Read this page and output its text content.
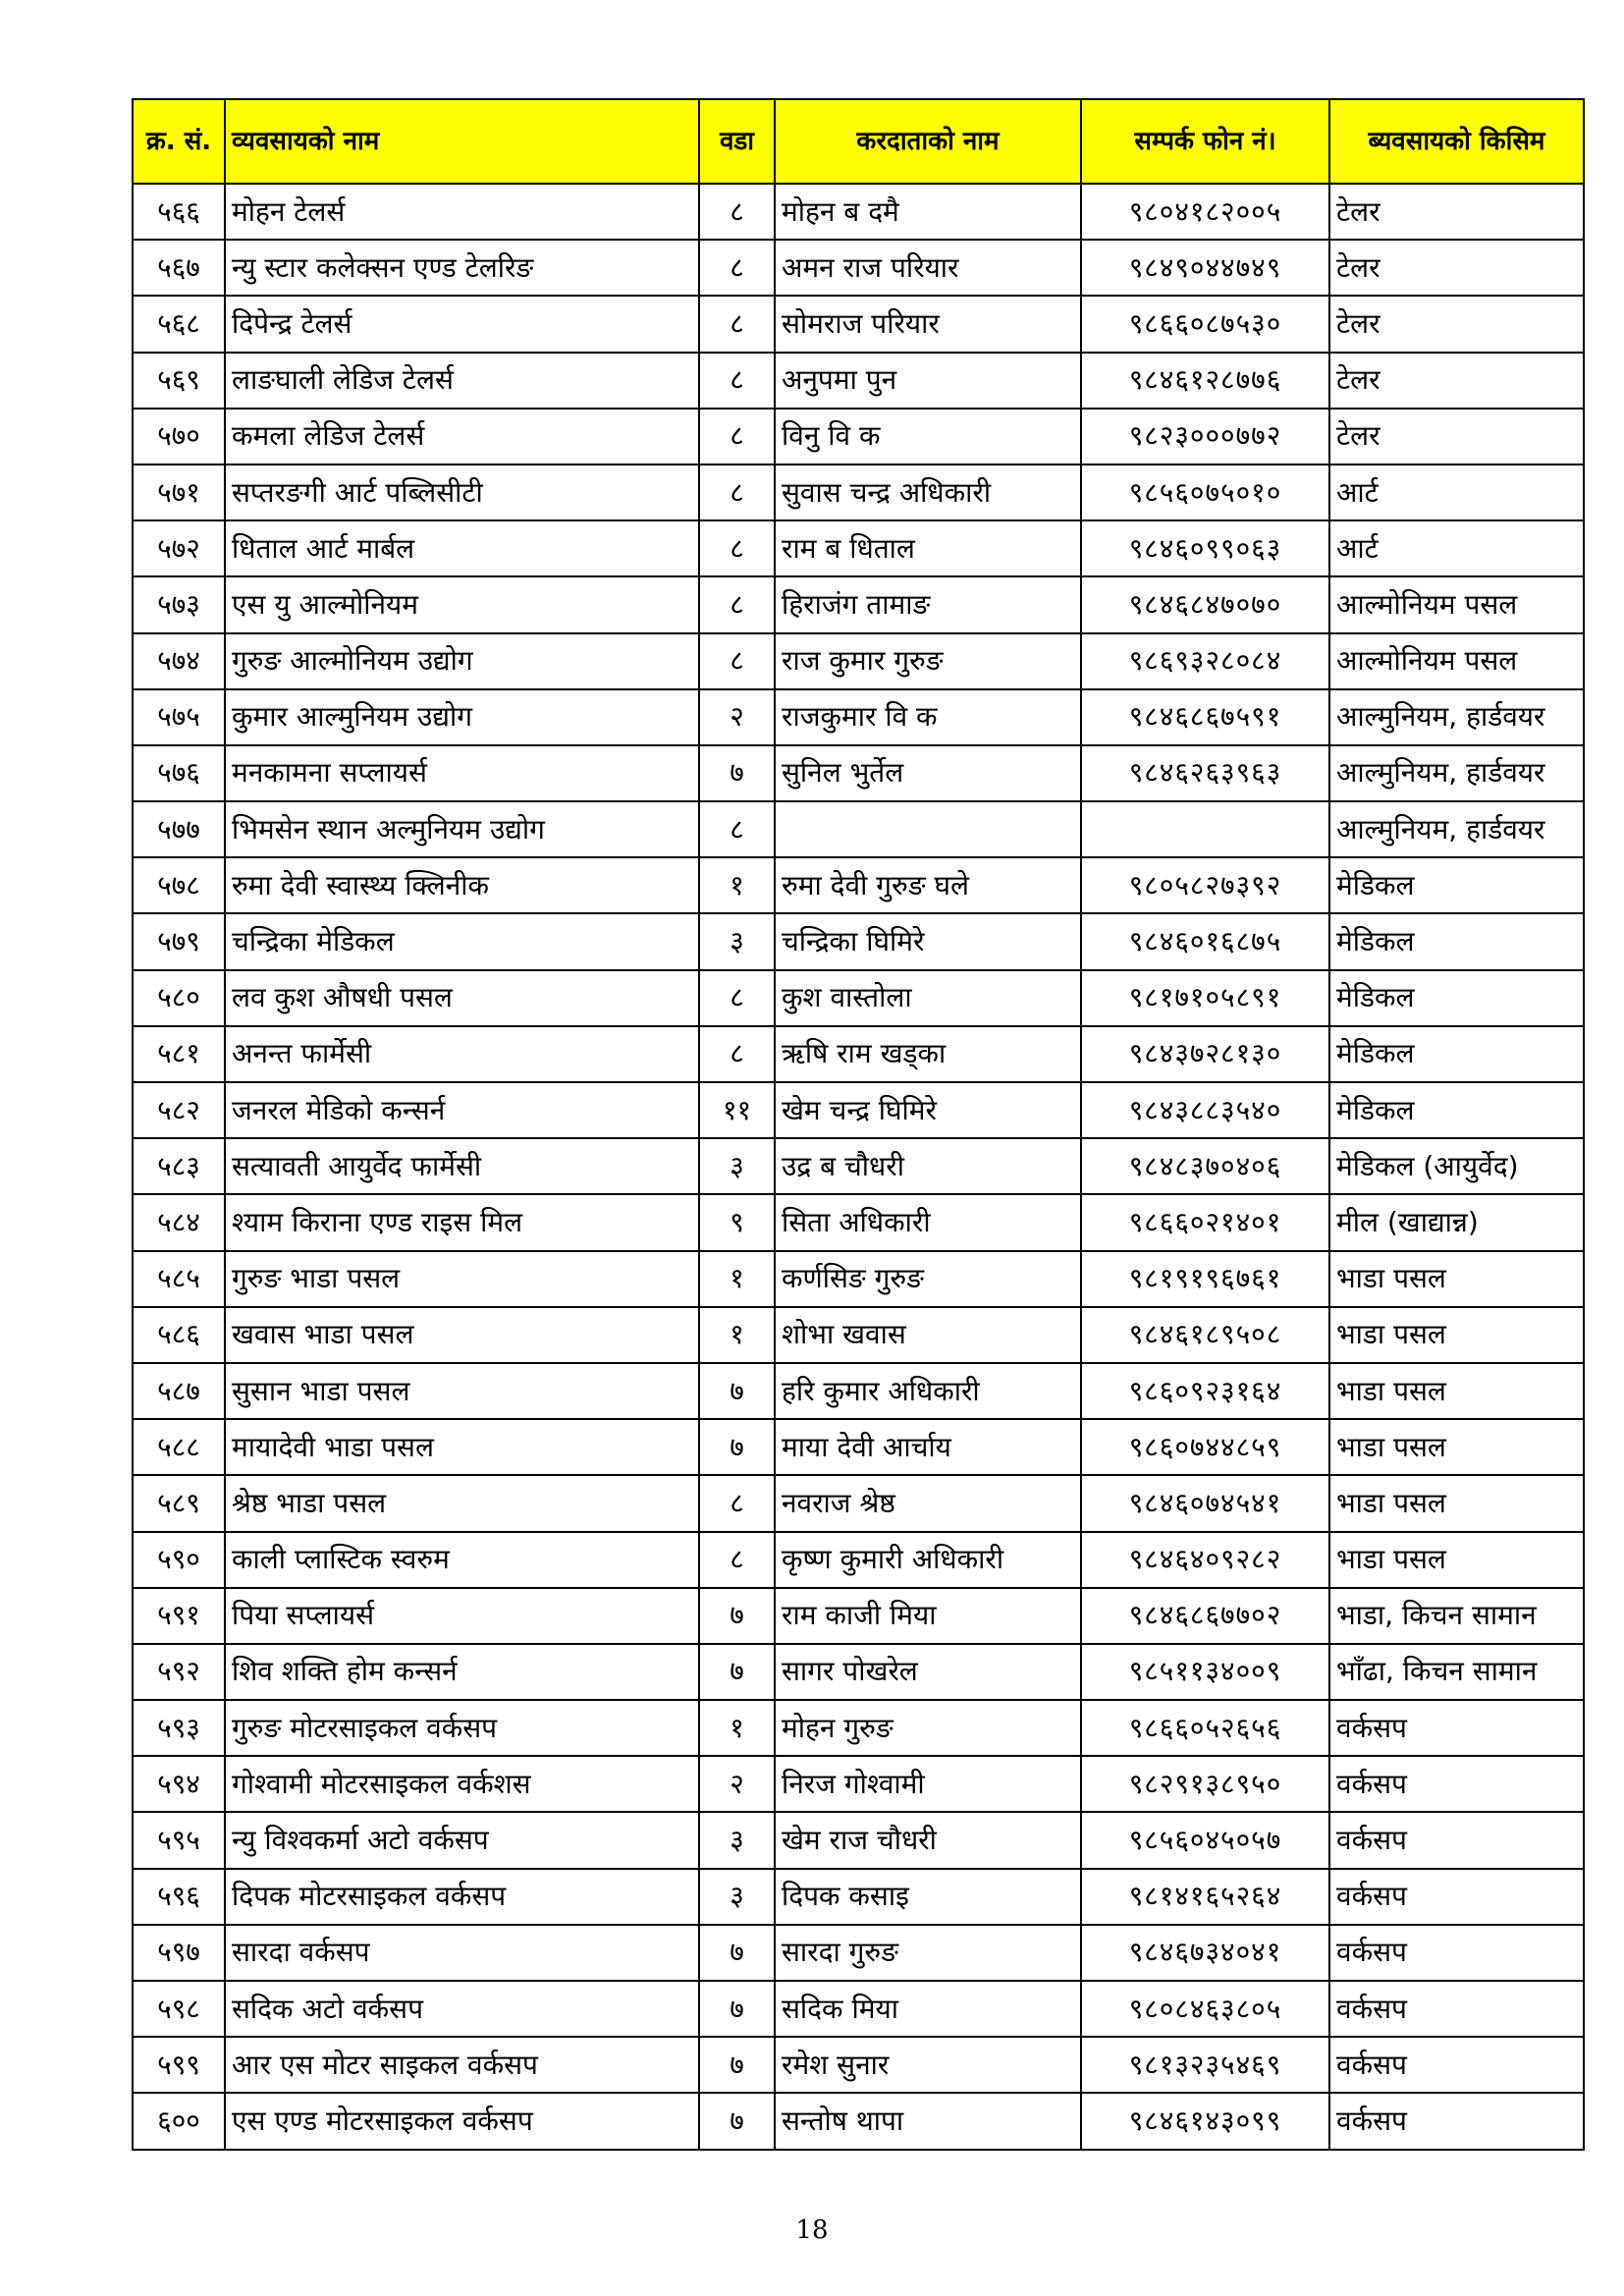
क्र. सं.	व्यवसायको नाम	वडा	करदाताको नाम	सम्पर्क फोन नं।	ब्यवसायको किसिम
५६६	मोहन टेलर्स	८	मोहन ब दमै	९८०४१८२००५	टेलर
५६७	न्यु स्टार कलेक्सन एण्ड टेलरिङ	८	अमन राज परियार	९८४९०४४७४९	टेलर
५६८	दिपेन्द्र टेलर्स	८	सोमराज परियार	९८६६०८७५३०	टेलर
५६९	लाङघाली लेडिज टेलर्स	८	अनुपमा पुन	९८४६१२८७७६	टेलर
५७०	कमला लेडिज टेलर्स	८	विनु वि क	९८२३०००७७२	टेलर
५७१	सप्तरङगी आर्ट पब्लिसीटी	८	सुवास चन्द्र अधिकारी	९८५६०७५०१०	आर्ट
५७२	धिताल आर्ट मार्बल	८	राम ब धिताल	९८४६०९९०६३	आर्ट
५७३	एस यु आल्मोनियम	८	हिराजंग तामाङ	९८४६८४७०७०	आल्मोनियम पसल
५७४	गुरुङ आल्मोनियम उद्योग	८	राज कुमार गुरुङ	९८६९३२८०८४	आल्मोनियम पसल
५७५	कुमार आल्मुनियम उद्योग	२	राजकुमार वि क	९८४६८६७५९१	आल्मुनियम, हार्डवयर
५७६	मनकामना सप्लायर्स	७	सुनिल भुर्तेल	९८४६२६३९६३	आल्मुनियम, हार्डवयर
५७७	भिमसेन स्थान अल्मुनियम उद्योग	८			आल्मुनियम, हार्डवयर
५७८	रुमा देवी स्वास्थ्य क्लिनीक	१	रुमा देवी गुरुङ घले	९८०५८२७३९२	मेडिकल
५७९	चन्द्रिका मेडिकल	३	चन्द्रिका घिमिरे	९८४६०१६८७५	मेडिकल
५८०	लव कुश औषधी पसल	८	कुश वास्तोला	९८१७१०५८९१	मेडिकल
५८१	अनन्त फार्मेसी	८	ऋषि राम खड्का	९८४३७२८१३०	मेडिकल
५८२	जनरल मेडिको कन्सर्न	११	खेम चन्द्र घिमिरे	९८४३८८३५४०	मेडिकल
५८३	सत्यावती आयुर्वेद फार्मेसी	३	उद्र ब चौधरी	९८४८३७०४०६	मेडिकल (आयुर्वेद)
५८४	श्याम किराना एण्ड राइस मिल	९	सिता अधिकारी	९८६६०२१४०१	मील (खाद्यान्न)
५८५	गुरुङ भाडा पसल	१	कर्णसिङ गुरुङ	९८१९१९६७६१	भाडा पसल
५८६	खवास भाडा पसल	१	शोभा खवास	९८४६१८९५०८	भाडा पसल
५८७	सुसान भाडा पसल	७	हरि कुमार अधिकारी	९८६०९२३१६४	भाडा पसल
५८८	मायादेवी भाडा पसल	७	माया देवी आर्चाय	९८६०७४४८५९	भाडा पसल
५८९	श्रेष्ठ भाडा पसल	८	नवराज श्रेष्ठ	९८४६०७४५४१	भाडा पसल
५९०	काली प्लास्टिक स्वरुम	८	कृष्ण कुमारी अधिकारी	९८४६४०९२८२	भाडा पसल
५९१	पिया सप्लायर्स	७	राम काजी मिया	९८४६८६७७०२	भाडा, किचन सामान
५९२	शिव शक्ति होम कन्सर्न	७	सागर पोखरेल	९८५११३४००९	भाँढा, किचन सामान
५९३	गुरुङ मोटरसाइकल वर्कसप	१	मोहन गुरुङ	९८६६०५२६५६	वर्कसप
५९४	गोश्वामी मोटरसाइकल वर्कशस	२	निरज गोश्वामी	९८२९१३८९५०	वर्कसप
५९५	न्यु विश्वकर्मा अटो वर्कसप	३	खेम राज चौधरी	९८५६०४५०५७	वर्कसप
५९६	दिपक मोटरसाइकल वर्कसप	३	दिपक कसाइ	९८१४१६५२६४	वर्कसप
५९७	सारदा वर्कसप	७	सारदा गुरुङ	९८४६७३४०४१	वर्कसप
५९८	सदिक अटो वर्कसप	७	सदिक मिया	९८०८४६३८०५	वर्कसप
५९९	आर एस मोटर साइकल वर्कसप	७	रमेश सुनार	९८१३२३५४६९	वर्कसप
६००	एस एण्ड मोटरसाइकल वर्कसप	७	सन्तोष थापा	९८४६१४३०९९	वर्कसप
18
